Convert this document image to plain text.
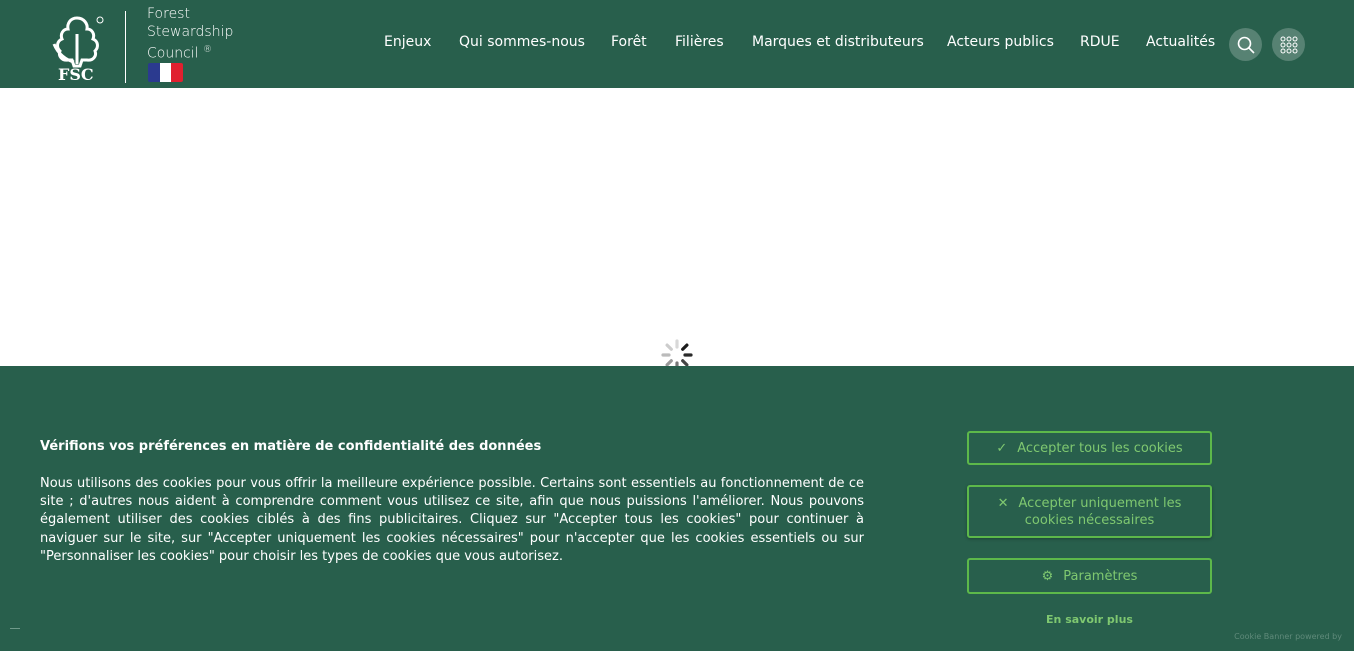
FSC
Forest
Stewardship
Council ®	Enjeux Qui sommes-nous Forêt Filières Marques et distributeurs Acteurs publics RDUE Actualités
Vérifions vos préférences en matière de confidentialité des données
Nous utilisons des cookies pour vous offrir la meilleure expérience possible. Certains sont essentiels au fonctionnement de ce site ; d'autres nous aident à comprendre comment vous utilisez ce site, afin que nous puissions l'améliorer. Nous pouvons également utiliser des cookies ciblés à des fins publicitaires. Cliquez sur "Accepter tous les cookies" pour continuer à naviguer sur le site, sur "Accepter uniquement les cookies nécessaires" pour n'accepter que les cookies essentiels ou sur "Personnaliser les cookies" pour choisir les types de cookies que vous autorisez.
✓ Accepter tous les cookies
✕ Accepter uniquement les cookies nécessaires
⚙ Paramètres
En savoir plus
Cookie Banner powered by
